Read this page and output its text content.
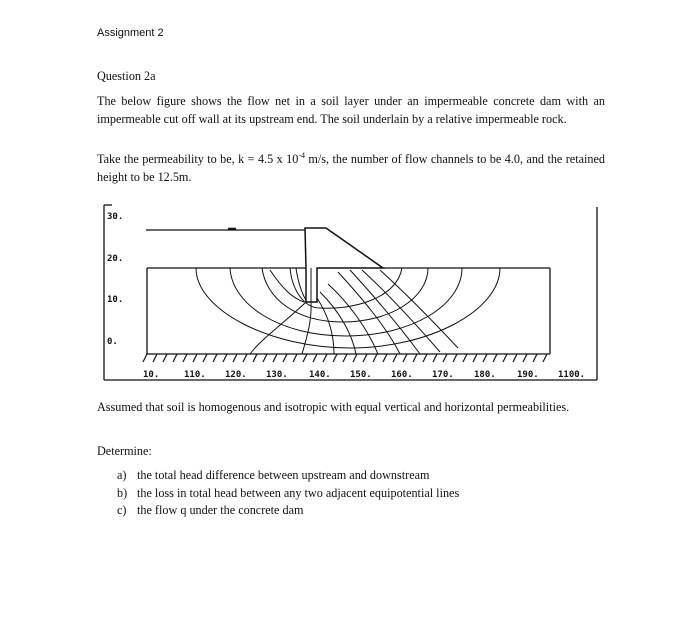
Assignment 2
Question 2a

The below figure shows the flow net in a soil layer under an impermeable concrete dam with an impermeable cut off wall at its upstream end. The soil underlain by a relative impermeable rock.

Take the permeability to be, k = 4.5 x $10^{-4}$ m/s, the number of flow channels to be 4.0, and the retained height to be 12.5m.

30.
20.
10.
0.
10.	110. 120. 130. 140. 150. 160. 170. 180. 190. 1100.

Assumed that soil is homogenous and isotropic with equal vertical and horizontal permeabilities.

Determine:
a) the total head difference between upstream and downstream
b) the loss in total head between any two adjacent equipotential lines
c) the flow q under the concrete dam
